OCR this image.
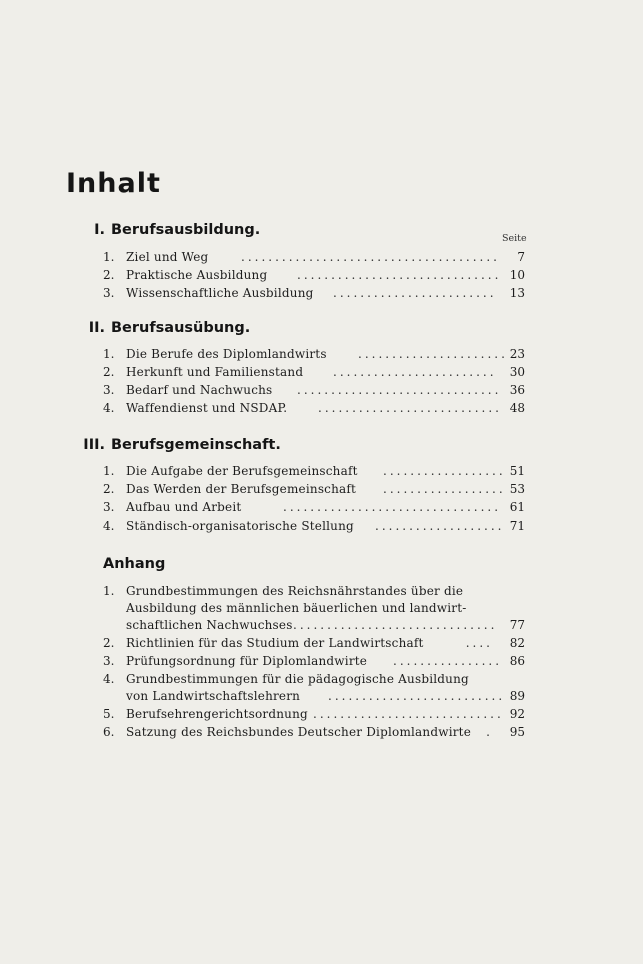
Inhalt
Seite
I. Berufsausbildung.
1. Ziel und Weg	......................................	7
2. Praktische Ausbildung .............................. 10
3. Wissenschaftliche Ausbildung ........................	13
II. Berufsausübung.
1. Die Berufe des Diplomlandwirts	...................... 23
2. Herkunft und Familienstand ........................	30
3. Bedarf und Nachwuchs .............................. 36
4. Waffendienst und NSDAP.	........................... 48
III. Berufsgemeinschaft.
1. Die Aufgabe der Berufsgemeinschaft .................. 51
2. Das Werden der Berufsgemeinschaft .................. 53
3. Aufbau und Arbeit	................................ 61
4. Ständisch-organisatorische Stellung ................... 71
Anhang
1. Grundbestimmungen des Reichsnährstandes über die
Ausbildung des männlichen bäuerlichen und landwirt-
schaftlichen Nachwuchses ..............................	77
2. Richtlinien für das Studium der Landwirtschaft	....	82
3. Prüfungsordnung für Diplomlandwirte ................ 86
4. Grundbestimmungen für die pädagogische Ausbildung
von Landwirtschaftslehrern .......................... 89
5. Berufsehrengerichtsordnung ............................ 92
6. Satzung des Reichsbundes Deutscher Diplomlandwirte	.	95
